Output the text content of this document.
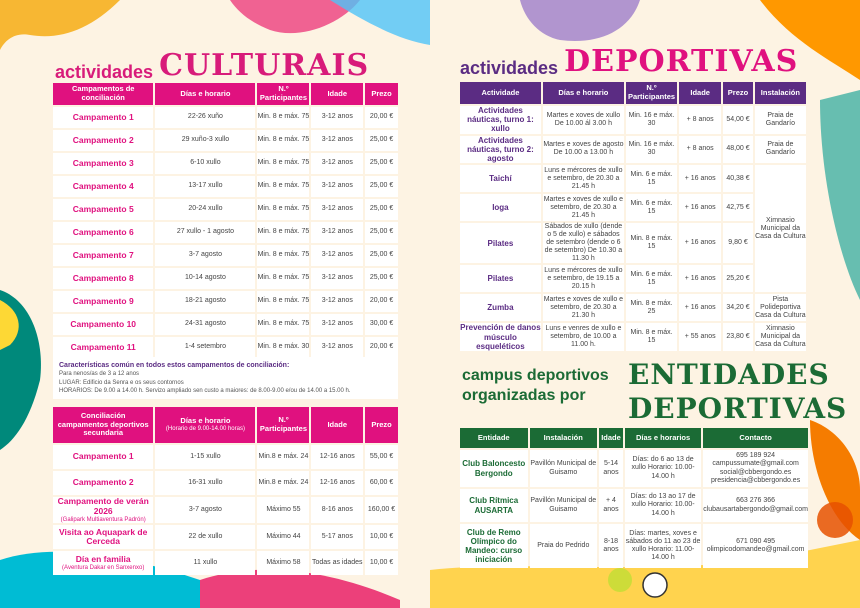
actividades CULTURAIS
Campamentos de conciliación	Días e horario	N.º Participantes	Idade	Prezo
Campamento 1	22-26 xuño	Min. 8 e máx. 75	3-12 anos	20,00 €
Campamento 2	29 xuño-3 xullo	Min. 8 e máx. 75	3-12 anos	25,00 €
Campamento 3	6-10 xullo	Min. 8 e máx. 75	3-12 anos	25,00 €
Campamento 4	13-17 xullo	Min. 8 e máx. 75	3-12 anos	25,00 €
Campamento 5	20-24 xullo	Min. 8 e máx. 75	3-12 anos	25,00 €
Campamento 6	27 xullo - 1 agosto	Min. 8 e máx. 75	3-12 anos	25,00 €
Campamento 7	3-7 agosto	Min. 8 e máx. 75	3-12 anos	25,00 €
Campamento 8	10-14 agosto	Min. 8 e máx. 75	3-12 anos	25,00 €
Campamento 9	18-21 agosto	Min. 8 e máx. 75	3-12 anos	20,00 €
Campamento 10	24-31 agosto	Min. 8 e máx. 75	3-12 anos	30,00 €
Campamento 11	1-4 setembro	Min. 8 e máx. 30	3-12 anos	20,00 €
Características común en todos estos campamentos de conciliación:
Para nenos/as de 3 a 12 anos
LUGAR: Edificio da Senra e os seus contornos
HORARIOS: De 9.00 a 14.00 h. Servizo ampliado sen custo a maiores: de 8.00-9.00 e/ou de 14.00 a 15.00 h.
Conciliación campamentos deportivos secundaria	Días e horario
(Horario de 9.00-14.00 horas)	N.º Participantes	Idade	Prezo
Campamento 1	1-15 xullo	Min.8 e máx. 24	12-16 anos	55,00 €
Campamento 2	16-31 xullo	Min.8 e máx. 24	12-16 anos	60,00 €
Campamento de verán 2026
(Galipark Multiaventura Padrón)	3-7 agosto	Máximo 55	8-16 anos	160,00 €
Visita ao Aquapark de Cerceda	22 de xullo	Máximo 44	5-17 anos	10,00 €
Día en familia
(Aventura Dakar en Sanxenxo)	11 xullo	Máximo 58	Todas as idades	10,00 €
actividades DEPORTIVAS
Actividade	Días e horario	N.º Participantes	Idade	Prezo	Instalación
Actividades náuticas, turno 1: xullo	Martes e xoves de xullo De 10.00 ál 3.00 h	Min. 16 e máx. 30	+ 8 anos	54,00 €	Praia de Gandarío
Actividades náuticas, turno 2: agosto	Martes e xoves de agosto De 10.00 a 13.00 h	Min. 16 e máx. 30	+ 8 anos	48,00 €	Praia de Gandarío
Taichí	Luns e mércores de xullo e setembro, de 20.30 a 21.45 h	Min. 6 e máx. 15	+ 16 anos	40,38 €	Ximnasio Municipal da Casa da Cultura
Ioga	Martes e xoves de xullo e setembro, de 20.30 a 21.45 h	Min. 6 e máx. 15	+ 16 anos	42,75 €	
Pilates	Sábados de xullo (dende o 5 de xullo) e sábados de setembro (dende o 6 de setembro) De 10.30 a 11.30 h	Min. 8 e máx. 15	+ 16 anos	9,80 €	
Pilates	Luns e mércores de xullo e setembro, de 19.15 a 20.15 h	Min. 6 e máx. 15	+ 16 anos	25,20 €	
Zumba	Martes e xoves de xullo e setembro, de 20.30 a 21.30 h	Min. 8 e máx. 25	+ 16 anos	34,20 €	Pista Polideportiva Casa da Cultura
Prevención de danos músculo esqueléticos	Luns e venres de xullo e setembro, de 10.00 a 11.00 h.	Min. 8 e máx. 15	+ 55 anos	23,80 €	Ximnasio Municipal da Casa da Cultura
campus deportivos organizadas por
ENTIDADES
DEPORTIVAS
Entidade	Instalación	Idade	Días e horarios	Contacto
Club Baloncesto Bergondo	Pavillón Municipal de Guisamo	5-14 anos	Días: do 6 ao 13 de xullo Horario: 10.00-14.00 h	695 189 924 campussumate@gmail.com social@cbbergondo.es presidencia@cbbergondo.es
Club Rítmica AUSARTA	Pavillón Municipal de Guisamo	+ 4 anos	Días: do 13 ao 17 de xullo Horario: 10.00-14.00 h	663 276 366 clubausartabergondo@gmail.com
Club de Remo Olímpico do Mandeo: curso iniciación	Praia do Pedrido	8-18 anos	Días: martes, xoves e sábados do 11 ao 23 de xullo Horario: 11.00-14.00 h	671 090 495 olimpicodomandeo@gmail.com
